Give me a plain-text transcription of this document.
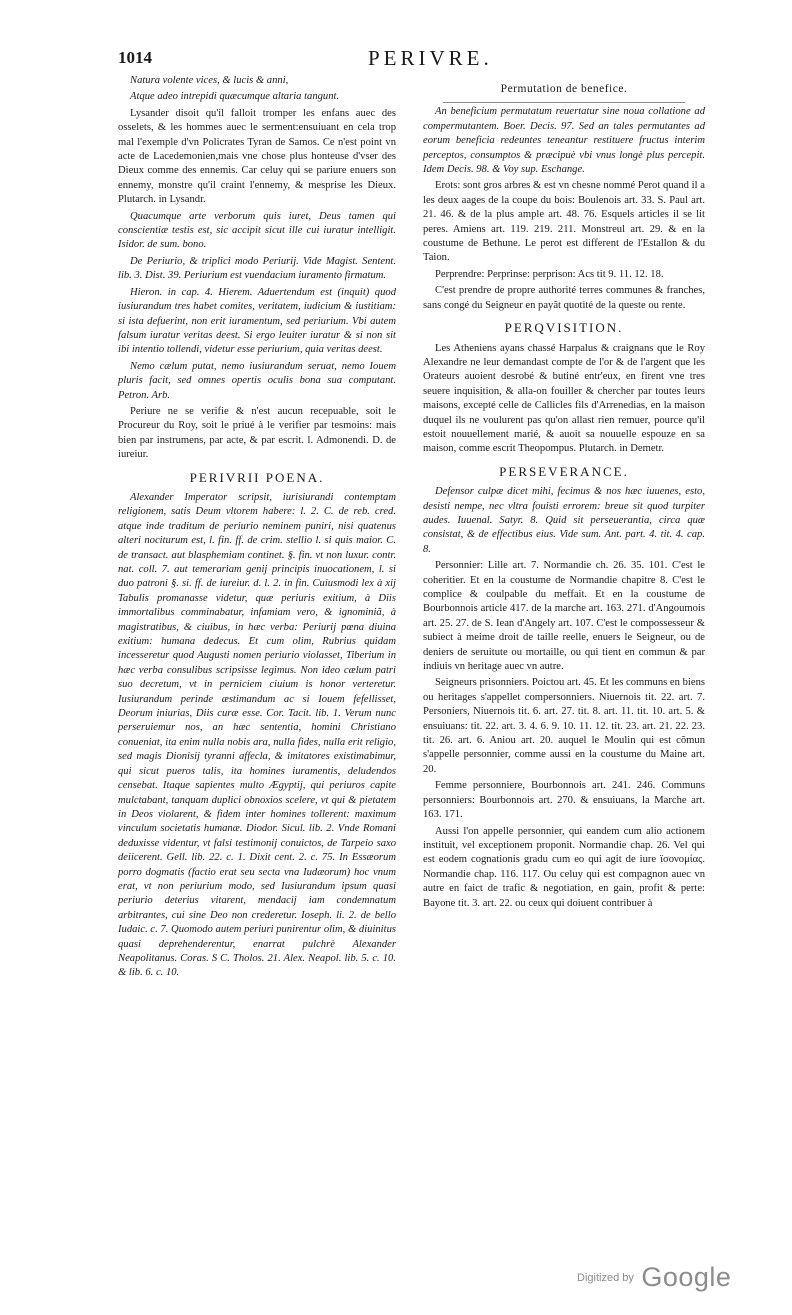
1014	PERIVRE.

Natura volente vices, & lucis & anni,

Atque adeo intrepidi quæcumque altaria tangunt.

Lysander disoit qu'il falloit tromper les enfans auec des osselets, & les hommes auec le serment:ensuiuant en cela trop mal l'exemple d'vn Policrates Tyran de Samos. Ce n'est point vn acte de Lacedemonien,mais vne chose plus honteuse d'vser des Dieux comme des ennemis. Car celuy qui se pariure enuers son ennemy, monstre qu'il craint l'ennemy, & mesprise les Dieux. Plutarch. in Lysandr.

Quacumque arte verborum quis iuret, Deus tamen qui conscientiæ testis est, sic accipit sicut ille cui iuratur intelligit. Isidor. de sum. bono.

De Periurio, & triplici modo Periurij. Vide Magist. Sentent. lib. 3. Dist. 39. Periurium est vuendacium iuramento firmatum.

Hieron. in cap. 4. Hierem. Aduertendum est (inquit) quod iusiurandum tres habet comites, veritatem, iudicium & iustitiam: si ista defuerint, non erit iuramentum, sed periurium. Vbi autem falsum iuratur veritas deest. Si ergo leuiter iuratur & si non sit ibi intentio tollendi, videtur esse periurium, quia veritas deest.

Nemo cælum putat, nemo iusiurandum seruat, nemo Iouem pluris facit, sed omnes opertis oculis bona sua computant. Petron. Arb.

Periure ne se verifie & n'est aucun recepuable, soit le Procureur du Roy, soit le priué à le verifier par tesmoins: mais bien par instrumens, par acte, & par escrit. l. Admonendi. D. de iureiur.

PERIVRII POENA.

Alexander Imperator scripsit, iurisiurandi contemptam religionem, satis Deum vltorem habere: l. 2. C. de reb. cred. atque inde traditum de periurio neminem puniri, nisi quatenus alteri nociturum est, l. fin. ff. de crim. stellio l. si quis maior. C. de transact. aut blasphemiam continet. §. fin. vt non luxur. contr. nat. coll. 7. aut temerariam genij principis inuocationem, l. si duo patroni §. si. ff. de iureiur. d. l. 2. in fin. Cuiusmodi lex à xij Tabulis promanasse videtur, quæ periuris exitium, à Diis immortalibus comminabatur, infamiam vero, & ignominiã, à magistratibus, & ciuibus, in hæc verba: Periurij pœna diuina exitium: humana dedecus. Et cum olim, Rubrius quidam incesseretur quod Augusti nomen periurio violasset, Tiberium in hæc verba consulibus scripsisse legimus. Non ideo cælum patri suo decretum, vt in perniciem ciuium is honor verteretur. Iusiurandum perinde æstimandum ac si Iouem fefellisset, Deorum iniurias, Diis curæ esse. Cor. Tacit. lib. 1. Verum nunc perseruiemur nos, an hæc sententia, homini Christiano conueniat, ita enim nulla nobis ara, nulla fides, nulla erit religio, sed magis Dionisij tyranni affecla, & imitatores existimabimur, qui sicut pueros talis, ita homines iuramentis, deludendos censebat. Itaque sapientes multo Ægyptij, qui periuros capite mulctabant, tanquam duplici obnoxios scelere, vt qui & pietatem in Deos violarent, & fidem inter homines tollerent: maximum vinculum societatis humanæ. Diodor. Sicul. lib. 2. Vnde Romani deduxisse videntur, vt falsi testimonij conuictos, de Tarpeio saxo deiicerent. Gell. lib. 22. c. 1. Dixit cent. 2. c. 75. In Essæorum porro dogmatis (factio erat seu secta vna Iudæorum) hoc vnum erat, vt non periurium modo, sed Iusiurandum ipsum quasi periurio deterius vitarent, mendacij iam condemnatum arbitrantes, cui sine Deo non crederetur. Ioseph. li. 2. de bello Iudaic. c. 7. Quomodo autem periuri punirentur olim, & diuinitus quasi deprehenderentur, enarrat pulchrè Alexander Neapolitanus. Coras. S C. Tholos. 21. Alex. Neapol. lib. 5. c. 10. & lib. 6. c. 10.

Permutation de benefice.

An beneficium permutatum reuertatur sine noua collatione ad compermutantem. Boer. Decis. 97. Sed an tales permutantes ad eorum beneficia redeuntes teneantur restituere fructus interim perceptos, consumptos & præcipuè vbi vnus longè plus percepit. Idem Decis. 98. & Voy sup. Eschange.

Erots: sont gros arbres & est vn chesne nommé Perot quand il a les deux aages de la coupe du bois: Boulenois art. 33. S. Paul art. 21. 46. & de la plus ample art. 48. 76. Esquels articles il se lit peres. Amiens art. 119. 219. 211. Monstreul art. 29. & en la coustume de Bethune. Le perot est different de l'Estallon & du Taion.

Perprendre: Perprinse: perprison: Acs tit 9. 11. 12. 18.

C'est prendre de propre authorité terres communes & franches, sans congé du Seigneur en payãt quotité de la queste ou rente.

PERQVISITION.

Les Atheniens ayans chassé Harpalus & craignans que le Roy Alexandre ne leur demandast compte de l'or & de l'argent que les Orateurs auoient desrobé & butiné entr'eux, en firent vne tres seuere inquisition, & alla-on fouiller & chercher par toutes leurs maisons, excepté celle de Callicles fils d'Arrenedias, en la maison duquel ils ne voulurent pas qu'on allast rien remuer, pource qu'il estoit nouuellement marié, & auoit sa nouuelle espouze en sa maison, comme escrit Theopompus. Plutarch. in Demetr.

PERSEVERANCE.

Defensor culpæ dicet mihi, fecimus & nos hæc iuuenes, esto, desisti nempe, nec vltra fouisti errorem: breue sit quod turpiter audes. Iuuenal. Satyr. 8. Quid sit perseuerantia, circa quæ consistat, & de effectibus eius. Vide sum. Ant. part. 4. tit. 4. cap. 8.

Personnier: Lille art. 7. Normandie ch. 26. 35. 101. C'est le coheritier. Et en la coustume de Normandie chapitre 8. C'est le complice & coulpable du meffait. Et en la coustume de Bourbonnois article 417. de la marche art. 163. 271. d'Angoumois art. 25. 27. de S. Iean d'Angely art. 107. C'est le compossesseur & subiect à meime droit de taille reelle, enuers le Seigneur, ou de deniers de seruitute ou mortaille, ou qui tient en commun & par indiuis vn heritage auec vn autre.

Seigneurs prisonniers. Poictou art. 45. Et les communs en biens ou heritages s'appellet compersonniers. Niuernois tit. 22. art. 7. Personiers, Niuernois tit. 6. art. 27. tit. 8. art. 11. tit. 10. art. 5. & ensuiuans: tit. 22. art. 3. 4. 6. 9. 10. 11. 12. tit. 23. art. 21. 22. 23. tit. 26. art. 6. Aniou art. 20. auquel le Moulin qui est cõmun s'appelle personnier, comme aussi en la coustume du Maine art. 20.

Femme personniere, Bourbonnois art. 241. 246. Communs personniers: Bourbonnois art. 270. & ensuiuans, la Marche art. 163. 171.

Aussi l'on appelle personnier, qui eandem cum alio actionem instituit, vel exceptionem proponit. Normandie chap. 26. Vel qui est eodem cognationis gradu cum eo qui agit de iure ϊσονομίας. Normandie chap. 116. 117. Ou celuy qui est compagnon auec vn autre en faict de trafic & negotiation, en gain, profit & perte: Bayone tit. 3. art. 22. ou ceux qui doiuent contribuer à

Digitized by Google
